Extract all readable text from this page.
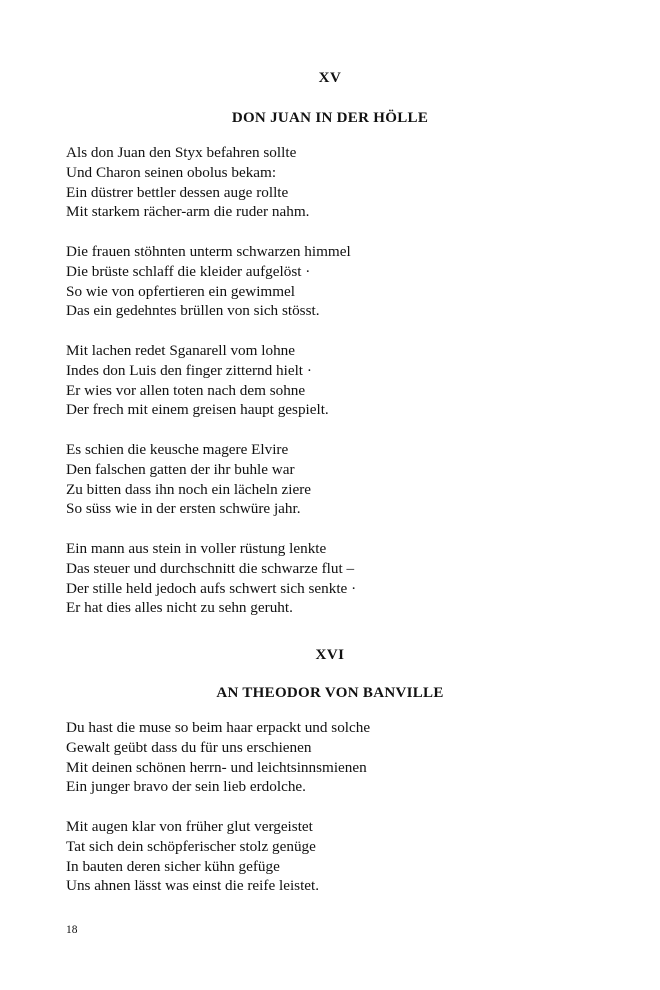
XV
DON JUAN IN DER HÖLLE
Als don Juan den Styx befahren sollte
Und Charon seinen obolus bekam:
Ein düstrer bettler dessen auge rollte
Mit starkem rächer-arm die ruder nahm.
Die frauen stöhnten unterm schwarzen himmel
Die brüste schlaff die kleider aufgelöst ·
So wie von opfertieren ein gewimmel
Das ein gedehntes brüllen von sich stösst.
Mit lachen redet Sganarell vom lohne
Indes don Luis den finger zitternd hielt ·
Er wies vor allen toten nach dem sohne
Der frech mit einem greisen haupt gespielt.
Es schien die keusche magere Elvire
Den falschen gatten der ihr buhle war
Zu bitten dass ihn noch ein lächeln ziere
So süss wie in der ersten schwüre jahr.
Ein mann aus stein in voller rüstung lenkte
Das steuer und durchschnitt die schwarze flut –
Der stille held jedoch aufs schwert sich senkte ·
Er hat dies alles nicht zu sehn geruht.
XVI
AN THEODOR VON BANVILLE
Du hast die muse so beim haar erpackt und solche
Gewalt geübt dass du für uns erschienen
Mit deinen schönen herrn- und leichtsinnsmienen
Ein junger bravo der sein lieb erdolche.
Mit augen klar von früher glut vergeistet
Tat sich dein schöpferischer stolz genüge
In bauten deren sicher kühn gefüge
Uns ahnen lässt was einst die reife leistet.
18
